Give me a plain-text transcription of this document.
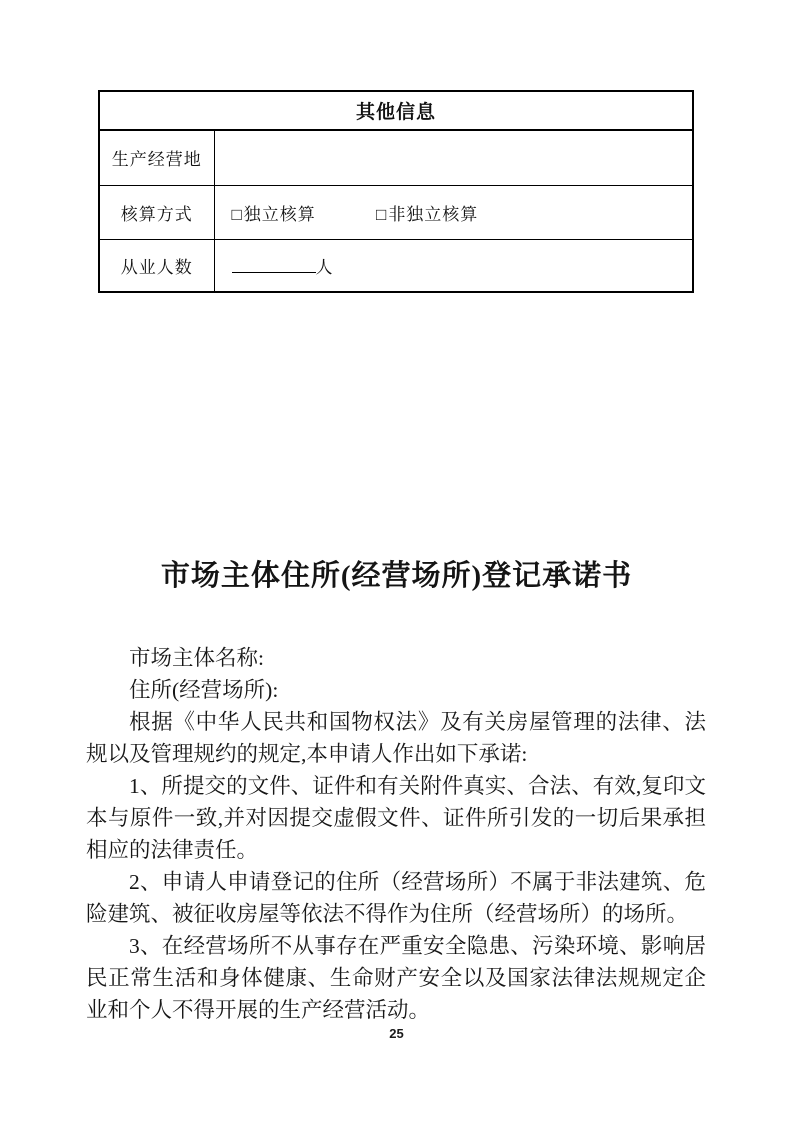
其他信息	
生产经营地	
核算方式	□独立核算 □非独立核算
从业人数	人
市场主体住所(经营场所)登记承诺书

市场主体名称:

住所(经营场所):

根据《中华人民共和国物权法》及有关房屋管理的法律、法规以及管理规约的规定,本申请人作出如下承诺:

1、所提交的文件、证件和有关附件真实、合法、有效,复印文本与原件一致,并对因提交虚假文件、证件所引发的一切后果承担相应的法律责任。

2、申请人申请登记的住所（经营场所）不属于非法建筑、危险建筑、被征收房屋等依法不得作为住所（经营场所）的场所。

3、在经营场所不从事存在严重安全隐患、污染环境、影响居民正常生活和身体健康、生命财产安全以及国家法律法规规定企业和个人不得开展的生产经营活动。

25
